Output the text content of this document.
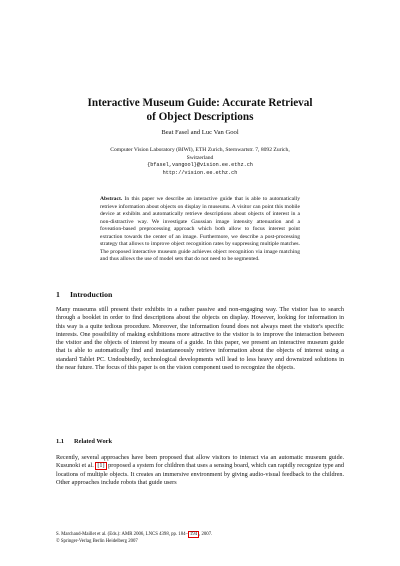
Interactive Museum Guide: Accurate Retrieval
of Object Descriptions
Beat Fasel and Luc Van Gool
Computer Vision Laboratory (BIWI), ETH Zurich, Sternwartstr. 7, 8092 Zurich,
Switzerland
{bfasel,vangool}@vision.ee.ethz.ch
http://vision.ee.ethz.ch
Abstract. In this paper we describe an interactive guide that is able to automatically retrieve information about objects on display in museums. A visitor can point this mobile device at exhibits and automatically retrieve descriptions about objects of interest in a non-distractive way. We investigate Gaussian image intensity attenuation and a foveation-based preprocessing approach which both allow to focus interest point extraction towards the center of an image. Furthermore, we describe a post-processing strategy that allows to improve object recognition rates by suppressing multiple matches. The proposed interactive museum guide achieves object recognition via image matching and thus allows the use of model sets that do not need to be segmented.
1 Introduction
Many museums still present their exhibits in a rather passive and non-engaging way. The visitor has to search through a booklet in order to find descriptions about the objects on display. However, looking for information in this way is a quite tedious procedure. Moreover, the information found does not always meet the visitor's specific interests. One possibility of making exhibitions more attractive to the visitor is to improve the interaction between the visitor and the objects of interest by means of a guide. In this paper, we present an interactive museum guide that is able to automatically find and instantaneously retrieve information about the objects of interest using a standard Tablet PC. Undoubtedly, technological developments will lead to less heavy and downsized solutions in the near future. The focus of this paper is on the vision component used to recognize the objects.
1.1 Related Work
Recently, several approaches have been proposed that allow visitors to interact via an automatic museum guide. Kusunoki et al. [1] proposed a system for children that uses a sensing board, which can rapidly recognize type and locations of multiple objects. It creates an immersive environment by giving audio-visual feedback to the children. Other approaches include robots that guide users
S. Marchand-Maillet et al. (Eds.): AMR 2006, LNCS 4398, pp. 184– 194 , 2007.
© Springer-Verlag Berlin Heidelberg 2007
